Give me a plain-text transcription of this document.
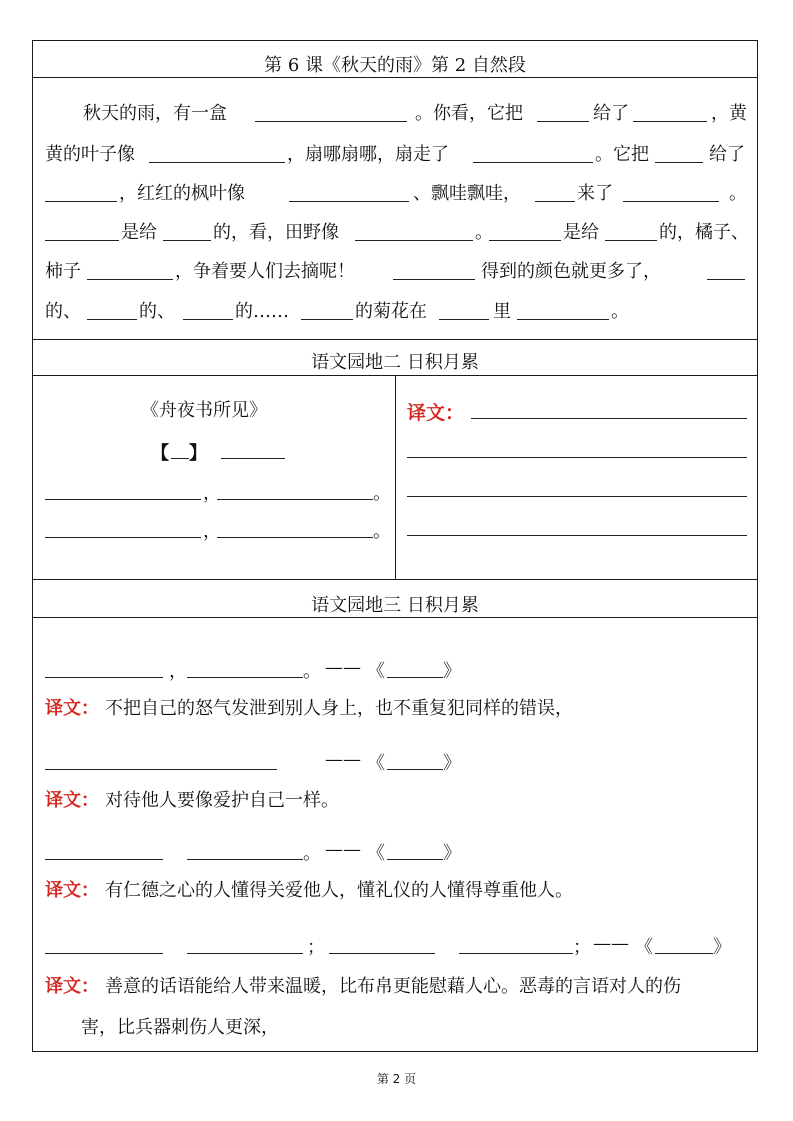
第 6 课《秋天的雨》第 2 自然段
秋天的雨，有一盒	。你看，它把	给了	，黄
黄的叶子像	，扇哪扇哪，扇走了	。它把	给了
，红红的枫叶像	、飘哇飘哇，	来了	。
是给	的，看，田野像	。	是给	的，橘子、
柿子	，争着要人们去摘呢！	得到的颜色就更多了，
的、	的、	的……	的菊花在	里	。
语文园地二 日积月累
《舟夜书所见》
【 】
，	。
，	。
译文：
语文园地三 日积月累
，	。 —— 《	》
译文： 不把自己的怒气发泄到别人身上，也不重复犯同样的错误，
—— 《	》
译文： 对待他人要像爱护自己一样。
。 —— 《	》
译文： 有仁德之心的人懂得关爱他人，懂礼仪的人懂得尊重他人。
；	； —— 《	》
译文： 善意的话语能给人带来温暖，比布帛更能慰藉人心。恶毒的言语对人的伤
害，比兵器刺伤人更深，
第 2 页
